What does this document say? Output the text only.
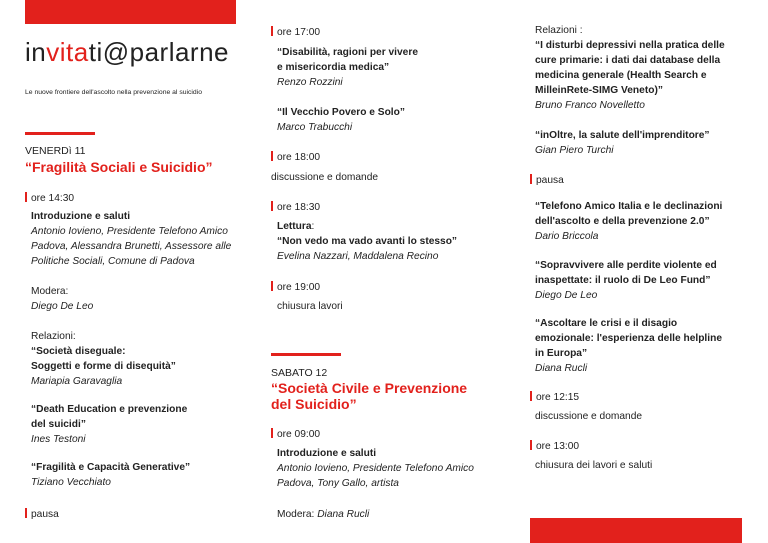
invitati@parlarne
Le nuove frontiere dell'ascolto nella prevenzione al suicidio
VENERDì 11
“Fragilità Sociali e Suicidio”
ore 14:30
Introduzione e saluti
Antonio Iovieno, Presidente Telefono Amico
Padova, Alessandra Brunetti, Assessore alle
Politiche Sociali, Comune di Padova
Modera:
Diego De Leo
Relazioni:
“Società diseguale:
Soggetti e forme di disequità”
Mariapia Garavaglia
“Death Education e prevenzione
del suicidi”
Ines Testoni
“Fragilità e Capacità Generative”
Tiziano Vecchiato
pausa
ore 17:00
“Disabilità, ragioni per vivere
e misericordia medica”
Renzo Rozzini
“Il Vecchio Povero e Solo”
Marco Trabucchi
ore 18:00
discussione e domande
ore 18:30
Lettura:
“Non vedo ma vado avanti lo stesso”
Evelina Nazzari, Maddalena Recino
ore 19:00
chiusura lavori
SABATO 12
“Società Civile e Prevenzione
del Suicidio”
ore 09:00
Introduzione e saluti
Antonio Iovieno, Presidente Telefono Amico
Padova, Tony Gallo, artista
Modera: Diana Rucli
Relazioni :
“I disturbi depressivi nella pratica delle
cure primarie: i dati dai database della
medicina generale (Health Search e
MilleinRete-SIMG Veneto)”
Bruno Franco Novelletto
“inOltre, la salute dell'imprenditore”
Gian Piero Turchi
pausa
“Telefono Amico Italia e le declinazioni
dell'ascolto e della prevenzione 2.0”
Dario Briccola
“Sopravvivere alle perdite violente ed
inaspettate: il ruolo di De Leo Fund”
Diego De Leo
“Ascoltare le crisi e il disagio
emozionale: l'esperienza delle helpline
in Europa”
Diana Rucli
ore 12:15
discussione e domande
ore 13:00
chiusura dei lavori e saluti
